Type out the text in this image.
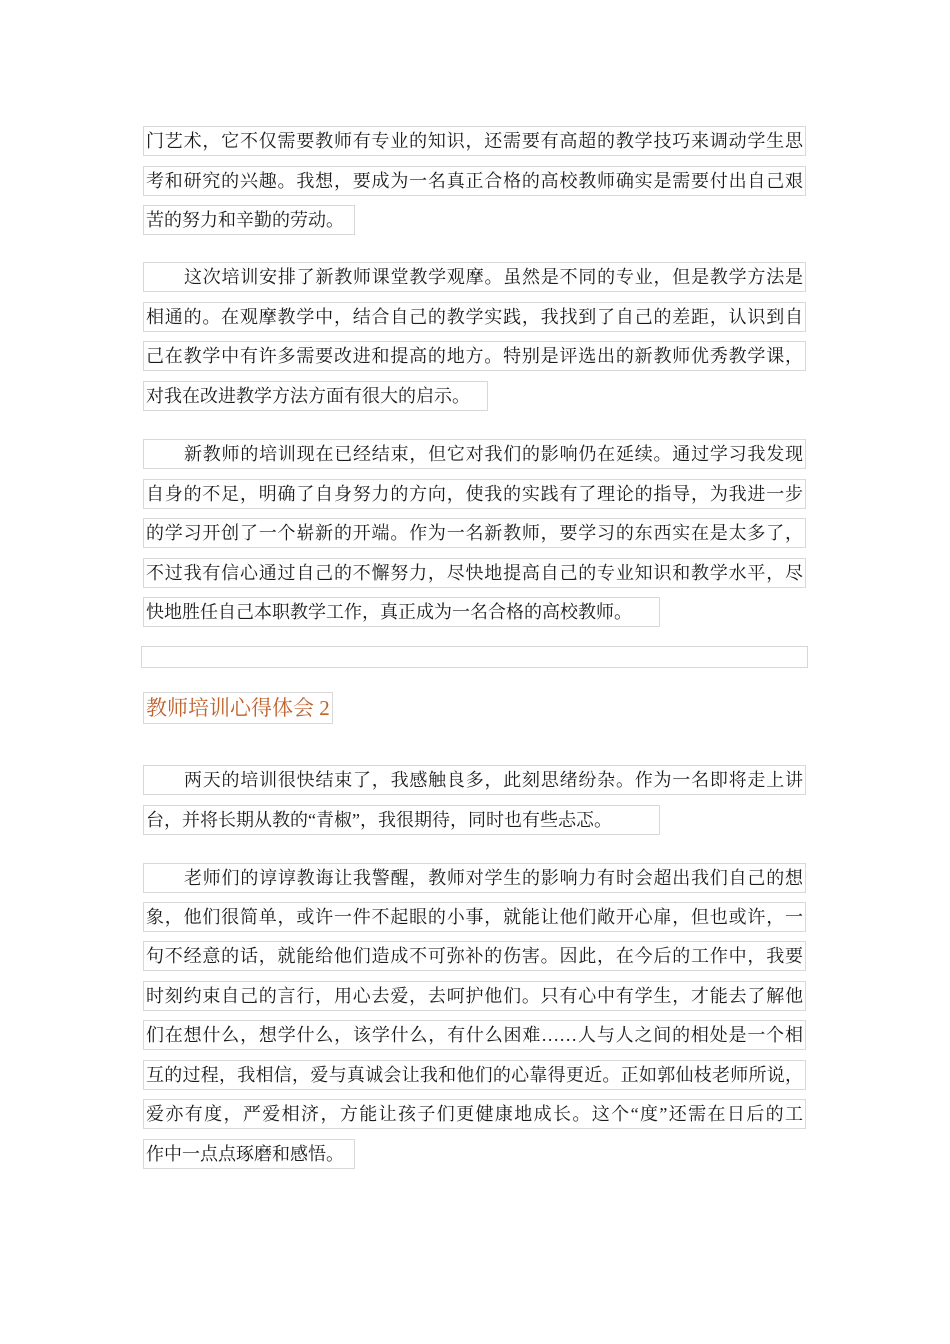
门艺术，它不仅需要教师有专业的知识，还需要有高超的教学技巧来调动学生思
考和研究的兴趣。我想，要成为一名真正合格的高校教师确实是需要付出自己艰
苦的努力和辛勤的劳动。
这次培训安排了新教师课堂教学观摩。虽然是不同的专业，但是教学方法是
相通的。在观摩教学中，结合自己的教学实践，我找到了自己的差距，认识到自
己在教学中有许多需要改进和提高的地方。特别是评选出的新教师优秀教学课，
对我在改进教学方法方面有很大的启示。
新教师的培训现在已经结束，但它对我们的影响仍在延续。通过学习我发现
自身的不足，明确了自身努力的方向，使我的实践有了理论的指导，为我进一步
的学习开创了一个崭新的开端。作为一名新教师，要学习的东西实在是太多了，
不过我有信心通过自己的不懈努力，尽快地提高自己的专业知识和教学水平，尽
快地胜任自己本职教学工作，真正成为一名合格的高校教师。
教师培训心得体会 2
两天的培训很快结束了，我感触良多，此刻思绪纷杂。作为一名即将走上讲
台，并将长期从教的“青椒”，我很期待，同时也有些忐忑。
老师们的谆谆教诲让我警醒，教师对学生的影响力有时会超出我们自己的想
象，他们很简单，或许一件不起眼的小事，就能让他们敞开心扉，但也或许，一
句不经意的话，就能给他们造成不可弥补的伤害。因此，在今后的工作中，我要
时刻约束自己的言行，用心去爱，去呵护他们。只有心中有学生，才能去了解他
们在想什么，想学什么，该学什么，有什么困难……人与人之间的相处是一个相
互的过程，我相信，爱与真诚会让我和他们的心靠得更近。正如郭仙枝老师所说，
爱亦有度，严爱相济，方能让孩子们更健康地成长。这个“度”还需在日后的工
作中一点点琢磨和感悟。
